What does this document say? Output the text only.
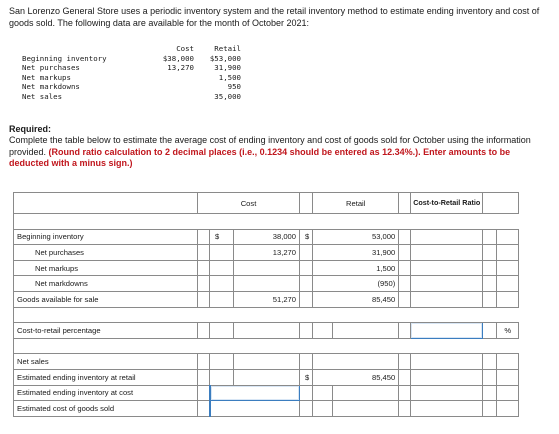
San Lorenzo General Store uses a periodic inventory system and the retail inventory method to estimate ending inventory and cost of goods sold. The following data are available for the month of October 2021:

	Cost	Retail
Beginning inventory	$38,000	$53,000
Net purchases	13,270	31,900
Net markups		1,500
Net markdowns		950
Net sales		35,000

Required:

Complete the table below to estimate the average cost of ending inventory and cost of goods sold for October using the information provided. (Round ratio calculation to 2 decimal places (i.e., 0.1234 should be entered as 12.34%.). Enter amounts to be deducted with a minus sign.)

	Cost				Retail			Cost-to-Retail Ratio		

Beginning inventory		$	38,000	$	53,000					
Net purchases			13,270		31,900					
Net markups					1,500					
Net markdowns					(950)					
Goods available for sale			51,270		85,450					

Cost-to-retail percentage										%

Net sales										
Estimated ending inventory at retail				$	85,450					
Estimated ending inventory at cost										
Estimated cost of goods sold										
